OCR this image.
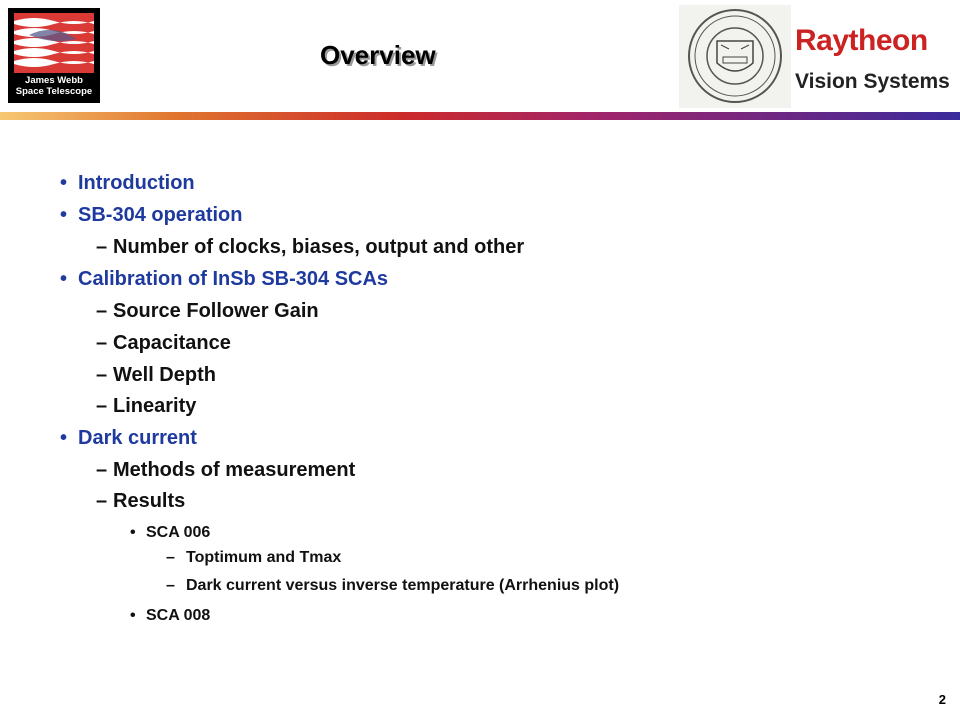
James Webb
Space Telescope
Overview	Raytheon
Vision Systems
• Introduction
• SB-304 operation
– Number of clocks, biases, output and other
• Calibration of InSb SB-304 SCAs
– Source Follower Gain
– Capacitance
– Well Depth
– Linearity
• Dark current
– Methods of measurement
– Results
• SCA 006
– Toptimum and Tmax
– Dark current versus inverse temperature (Arrhenius plot)
• SCA 008
2
